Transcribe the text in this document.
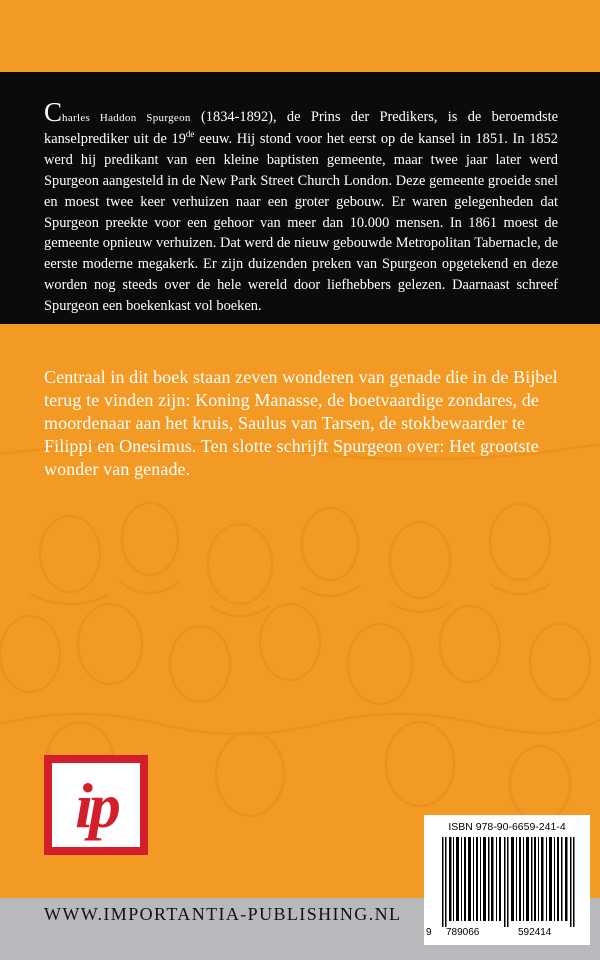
Charles Haddon Spurgeon (1834-1892), de Prins der Predikers, is de beroemdste kanselprediker uit de 19de eeuw. Hij stond voor het eerst op de kansel in 1851. In 1852 werd hij predikant van een kleine baptisten gemeente, maar twee jaar later werd Spurgeon aangesteld in de New Park Street Church London. Deze gemeente groeide snel en moest twee keer verhuizen naar een groter gebouw. Er waren gelegenheden dat Spurgeon preekte voor een gehoor van meer dan 10.000 mensen. In 1861 moest de gemeente opnieuw verhuizen. Dat werd de nieuw gebouwde Metropolitan Tabernacle, de eerste moderne megakerk. Er zijn duizenden preken van Spurgeon opgetekend en deze worden nog steeds over de hele wereld door liefhebbers gelezen. Daarnaast schreef Spurgeon een boekenkast vol boeken.

Centraal in dit boek staan zeven wonderen van genade die in de Bijbel terug te vinden zijn: Koning Manasse, de boetvaardige zondares, de moordenaar aan het kruis, Saulus van Tarsen, de stokbewaarder te Filippi en Onesimus. Ten slotte schrijft Spurgeon over: Het grootste wonder van genade.

ip
WWW.IMPORTANTIA-PUBLISHING.NL
ISBN 978-90-6659-241-4
9 789066	592414
